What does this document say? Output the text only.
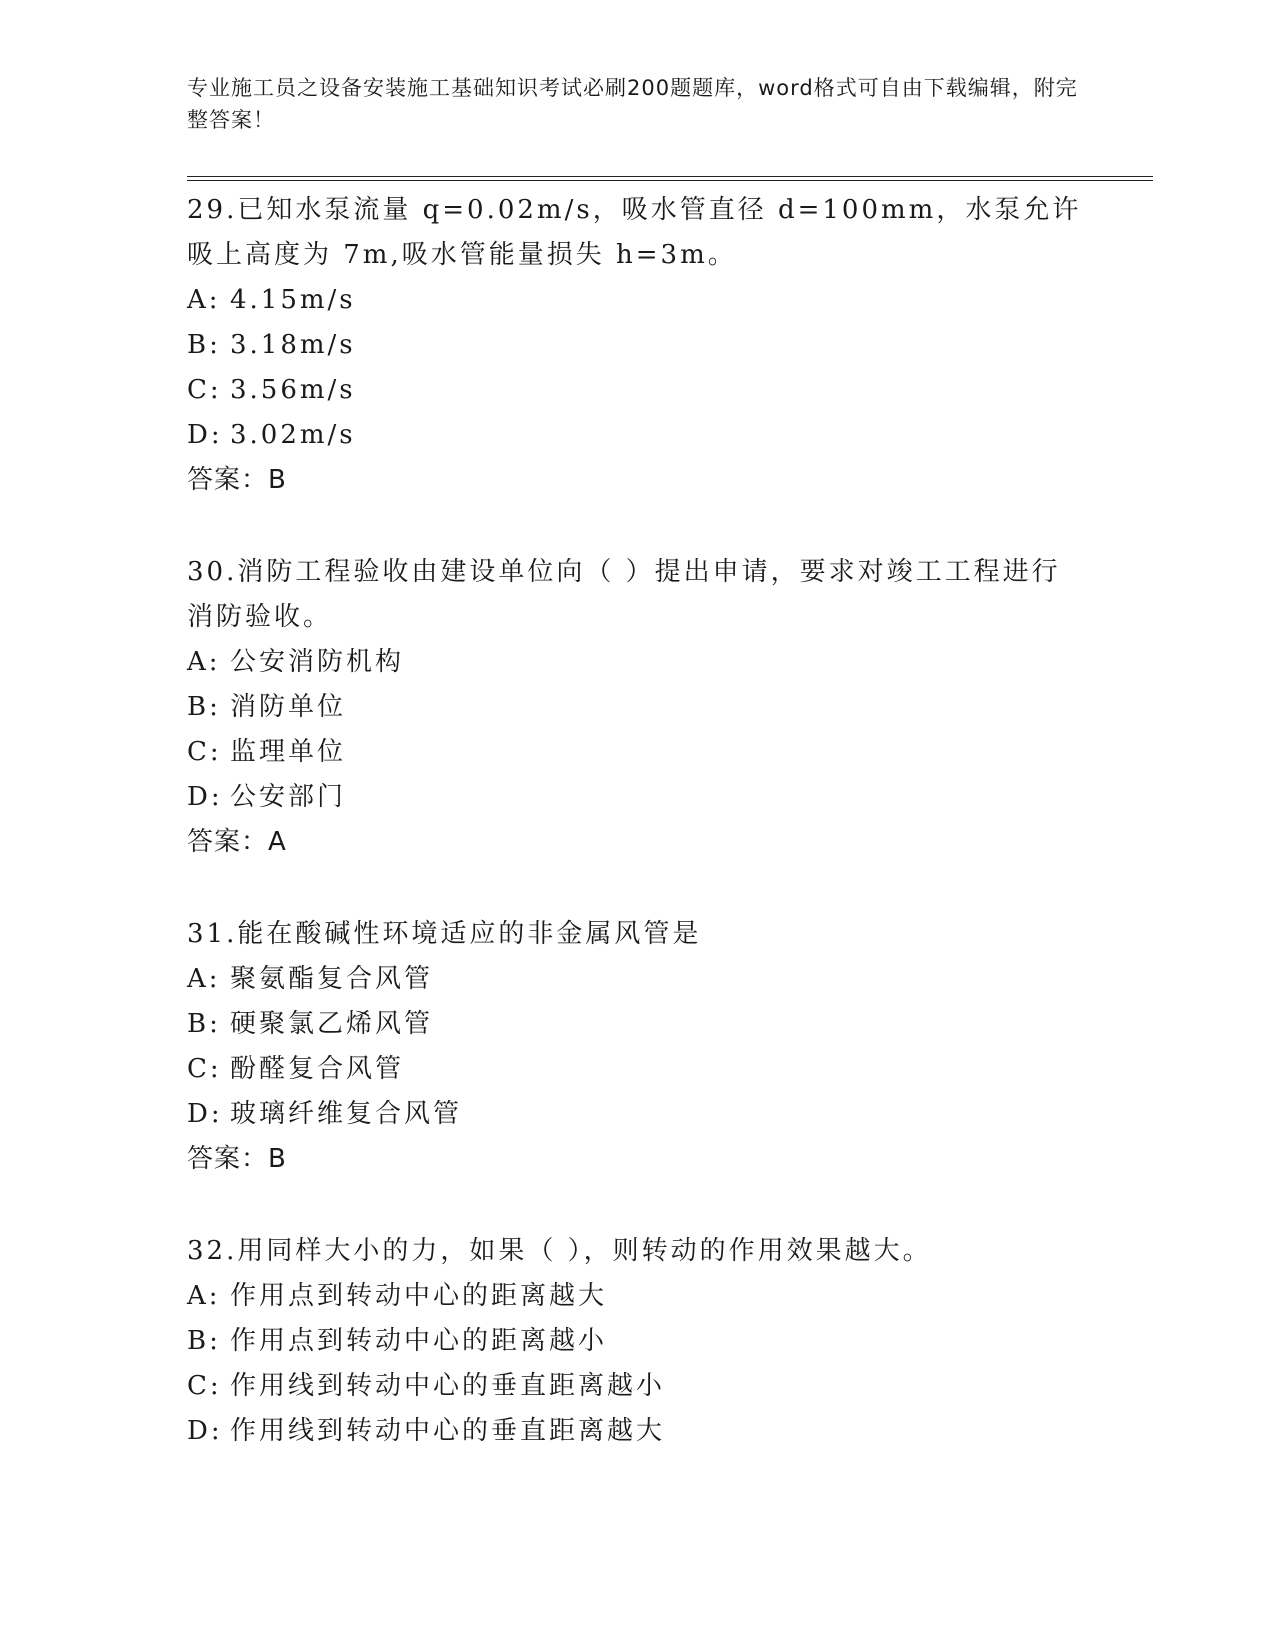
专业施工员之设备安装施工基础知识考试必刷200题题库，word格式可自由下载编辑，附完整答案！
29.已知水泵流量 q=0.02m/s，吸水管直径 d=100mm，水泵允许吸上高度为 7m,吸水管能量损失 h=3m。
A: 4.15m/s
B: 3.18m/s
C: 3.56m/s
D: 3.02m/s
答案：B
30.消防工程验收由建设单位向（ ）提出申请，要求对竣工工程进行消防验收。
A: 公安消防机构
B: 消防单位
C: 监理单位
D: 公安部门
答案：A
31.能在酸碱性环境适应的非金属风管是
A: 聚氨酯复合风管
B: 硬聚氯乙烯风管
C: 酚醛复合风管
D: 玻璃纤维复合风管
答案：B
32.用同样大小的力，如果（ ），则转动的作用效果越大。
A: 作用点到转动中心的距离越大
B: 作用点到转动中心的距离越小
C: 作用线到转动中心的垂直距离越小
D: 作用线到转动中心的垂直距离越大
